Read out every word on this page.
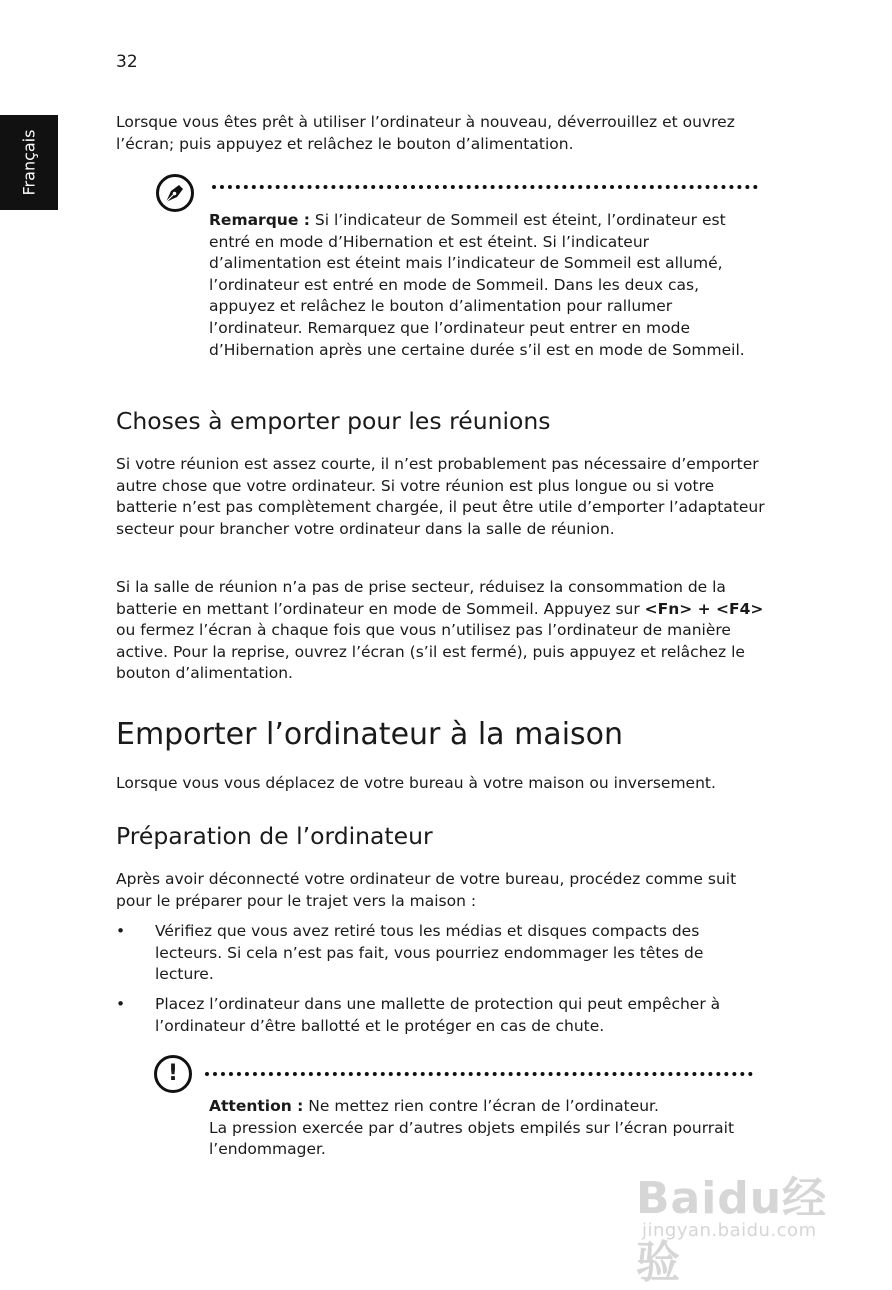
32
Français

Lorsque vous êtes prêt à utiliser l’ordinateur à nouveau, déverrouillez et ouvrez l’écran; puis appuyez et relâchez le bouton d’alimentation.

Remarque : Si l’indicateur de Sommeil est éteint, l’ordinateur est entré en mode d’Hibernation et est éteint. Si l’indicateur d’alimentation est éteint mais l’indicateur de Sommeil est allumé, l’ordinateur est entré en mode de Sommeil. Dans les deux cas, appuyez et relâchez le bouton d’alimentation pour rallumer l’ordinateur. Remarquez que l’ordinateur peut entrer en mode d’Hibernation après une certaine durée s’il est en mode de Sommeil.

Choses à emporter pour les réunions

Si votre réunion est assez courte, il n’est probablement pas nécessaire d’emporter autre chose que votre ordinateur. Si votre réunion est plus longue ou si votre batterie n’est pas complètement chargée, il peut être utile d’emporter l’adaptateur secteur pour brancher votre ordinateur dans la salle de réunion.

Si la salle de réunion n’a pas de prise secteur, réduisez la consommation de la batterie en mettant l’ordinateur en mode de Sommeil. Appuyez sur <Fn> + <F4> ou fermez l’écran à chaque fois que vous n’utilisez pas l’ordinateur de manière active. Pour la reprise, ouvrez l’écran (s’il est fermé), puis appuyez et relâchez le bouton d’alimentation.

Emporter l’ordinateur à la maison

Lorsque vous vous déplacez de votre bureau à votre maison ou inversement.

Préparation de l’ordinateur

Après avoir déconnecté votre ordinateur de votre bureau, procédez comme suit pour le préparer pour le trajet vers la maison :

• Vérifiez que vous avez retiré tous les médias et disques compacts des lecteurs. Si cela n’est pas fait, vous pourriez endommager les têtes de lecture.

• Placez l’ordinateur dans une mallette de protection qui peut empêcher à l’ordinateur d’être ballotté et le protéger en cas de chute.

!
Attention : Ne mettez rien contre l’écran de l’ordinateur.
La pression exercée par d’autres objets empilés sur l’écran pourrait l’endommager.
Baidu经验
jingyan.baidu.com
